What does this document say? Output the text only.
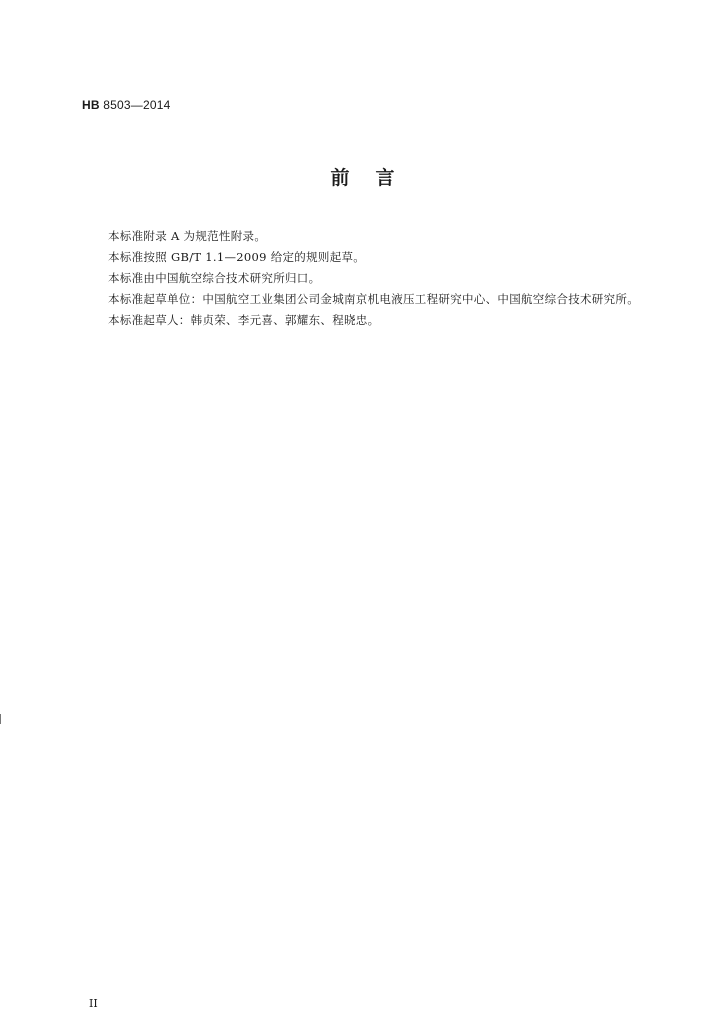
HB 8503—2014
前言

本标准附录 A 为规范性附录。

本标准按照 GB/T 1.1—2009 给定的规则起草。

本标准由中国航空综合技术研究所归口。

本标准起草单位：中国航空工业集团公司金城南京机电液压工程研究中心、中国航空综合技术研究所。

本标准起草人：韩贞荣、李元喜、郭耀东、程晓忠。

II
